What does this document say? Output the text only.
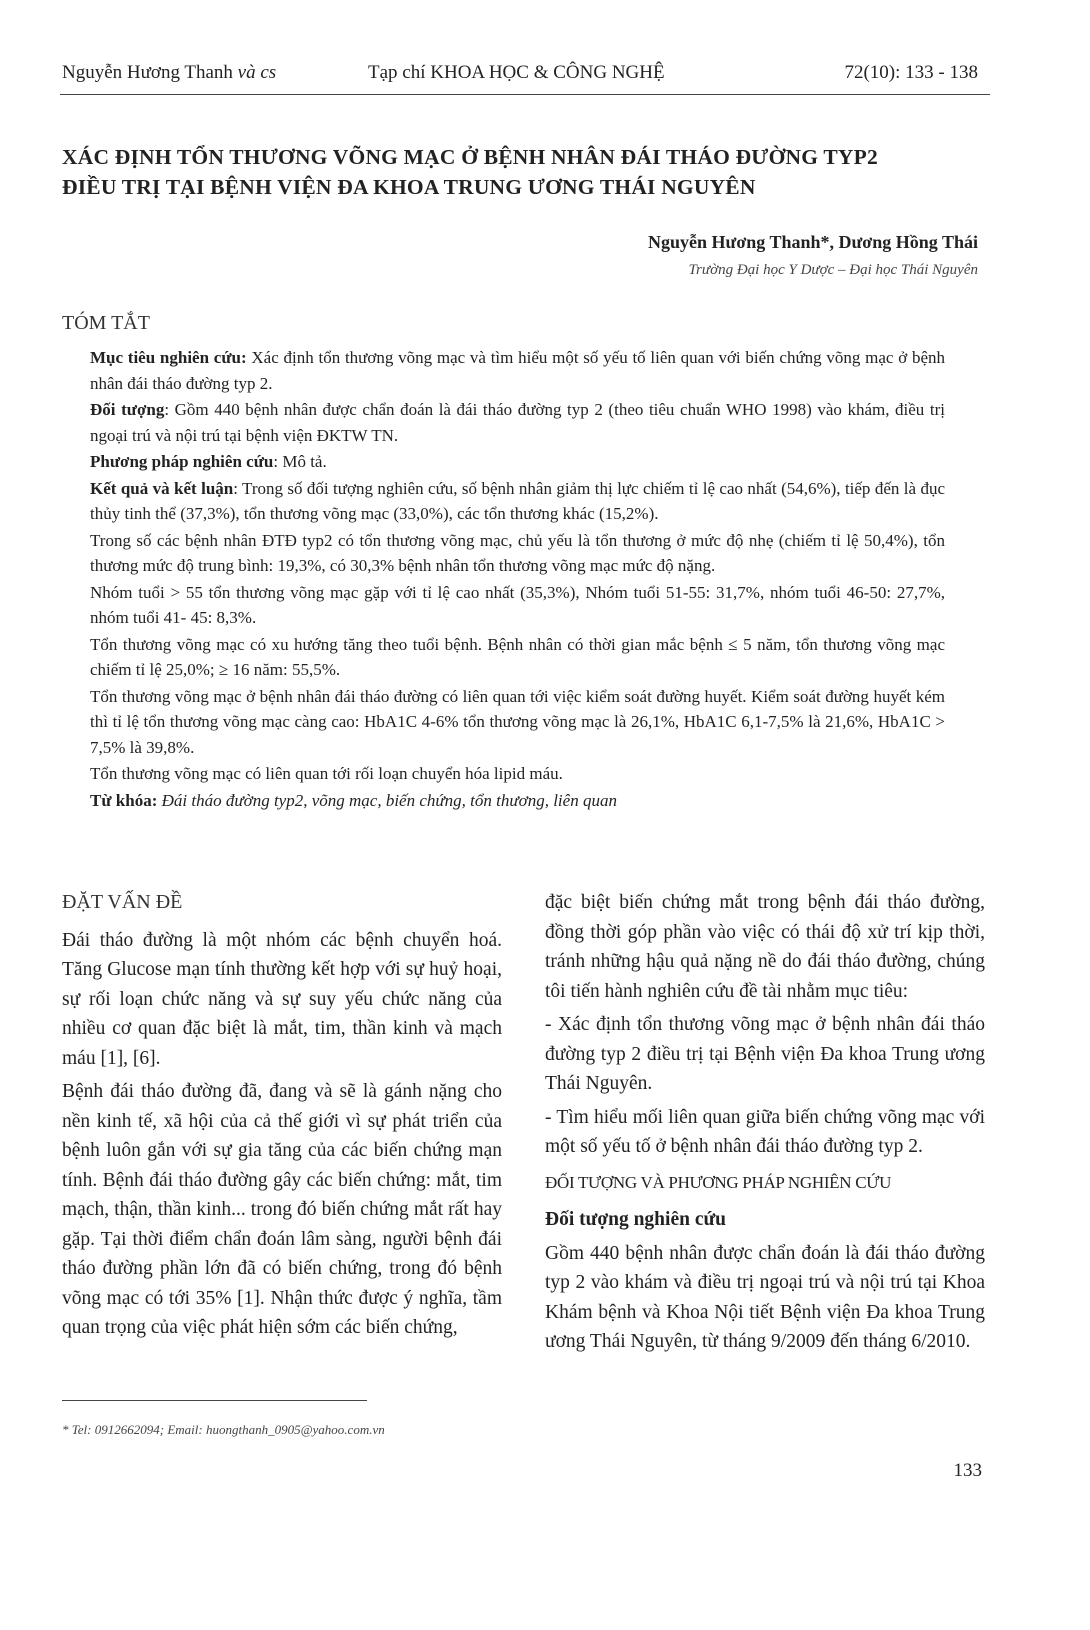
Nguyễn Hương Thanh và cs	Tạp chí KHOA HỌC & CÔNG NGHỆ	72(10): 133 - 138
XÁC ĐỊNH TỔN THƯƠNG VÕNG MẠC Ở BỆNH NHÂN ĐÁI THÁO ĐƯỜNG TYP2
ĐIỀU TRỊ TẠI BỆNH VIỆN ĐA KHOA TRUNG ƯƠNG THÁI NGUYÊN
Nguyễn Hương Thanh*, Dương Hồng Thái
Trường Đại học Y Dược – Đại học Thái Nguyên
TÓM TẮT

Mục tiêu nghiên cứu: Xác định tổn thương võng mạc và tìm hiểu một số yếu tố liên quan với biến chứng võng mạc ở bệnh nhân đái tháo đường typ 2.

Đối tượng: Gồm 440 bệnh nhân được chẩn đoán là đái tháo đường typ 2 (theo tiêu chuẩn WHO 1998) vào khám, điều trị ngoại trú và nội trú tại bệnh viện ĐKTW TN.

Phương pháp nghiên cứu: Mô tả.

Kết quả và kết luận: Trong số đối tượng nghiên cứu, số bệnh nhân giảm thị lực chiếm tỉ lệ cao nhất (54,6%), tiếp đến là đục thủy tinh thể (37,3%), tổn thương võng mạc (33,0%), các tổn thương khác (15,2%).

Trong số các bệnh nhân ĐTĐ typ2 có tổn thương võng mạc, chủ yếu là tổn thương ở mức độ nhẹ (chiếm tỉ lệ 50,4%), tổn thương mức độ trung bình: 19,3%, có 30,3% bệnh nhân tổn thương võng mạc mức độ nặng.

Nhóm tuổi > 55 tổn thương võng mạc gặp với tỉ lệ cao nhất (35,3%), Nhóm tuổi 51-55: 31,7%, nhóm tuổi 46-50: 27,7%, nhóm tuổi 41- 45: 8,3%.

Tổn thương võng mạc có xu hướng tăng theo tuổi bệnh. Bệnh nhân có thời gian mắc bệnh ≤ 5 năm, tổn thương võng mạc chiếm tỉ lệ 25,0%; ≥ 16 năm: 55,5%.

Tổn thương võng mạc ở bệnh nhân đái tháo đường có liên quan tới việc kiểm soát đường huyết. Kiểm soát đường huyết kém thì tỉ lệ tổn thương võng mạc càng cao: HbA1C 4-6% tổn thương võng mạc là 26,1%, HbA1C 6,1-7,5% là 21,6%, HbA1C > 7,5% là 39,8%.

Tổn thương võng mạc có liên quan tới rối loạn chuyển hóa lipid máu.

Từ khóa: Đái tháo đường typ2, võng mạc, biến chứng, tổn thương, liên quan

ĐẶT VẤN ĐỀ

Đái tháo đường là một nhóm các bệnh chuyển hoá. Tăng Glucose mạn tính thường kết hợp với sự huỷ hoại, sự rối loạn chức năng và sự suy yếu chức năng của nhiều cơ quan đặc biệt là mắt, tim, thần kinh và mạch máu [1], [6].

Bệnh đái tháo đường đã, đang và sẽ là gánh nặng cho nền kinh tế, xã hội của cả thế giới vì sự phát triển của bệnh luôn gắn với sự gia tăng của các biến chứng mạn tính. Bệnh đái tháo đường gây các biến chứng: mắt, tim mạch, thận, thần kinh... trong đó biến chứng mắt rất hay gặp. Tại thời điểm chẩn đoán lâm sàng, người bệnh đái tháo đường phần lớn đã có biến chứng, trong đó bệnh võng mạc có tới 35% [1]. Nhận thức được ý nghĩa, tầm quan trọng của việc phát hiện sớm các biến chứng,

đặc biệt biến chứng mắt trong bệnh đái tháo đường, đồng thời góp phần vào việc có thái độ xử trí kịp thời, tránh những hậu quả nặng nề do đái tháo đường, chúng tôi tiến hành nghiên cứu đề tài nhằm mục tiêu:

- Xác định tổn thương võng mạc ở bệnh nhân đái tháo đường typ 2 điều trị tại Bệnh viện Đa khoa Trung ương Thái Nguyên.

- Tìm hiểu mối liên quan giữa biến chứng võng mạc với một số yếu tố ở bệnh nhân đái tháo đường typ 2.

ĐỐI TƯỢNG VÀ PHƯƠNG PHÁP NGHIÊN CỨU

Đối tượng nghiên cứu

Gồm 440 bệnh nhân được chẩn đoán là đái tháo đường typ 2 vào khám và điều trị ngoại trú và nội trú tại Khoa Khám bệnh và Khoa Nội tiết Bệnh viện Đa khoa Trung ương Thái Nguyên, từ tháng 9/2009 đến tháng 6/2010.

* Tel: 0912662094; Email: huongthanh_0905@yahoo.com.vn
133
